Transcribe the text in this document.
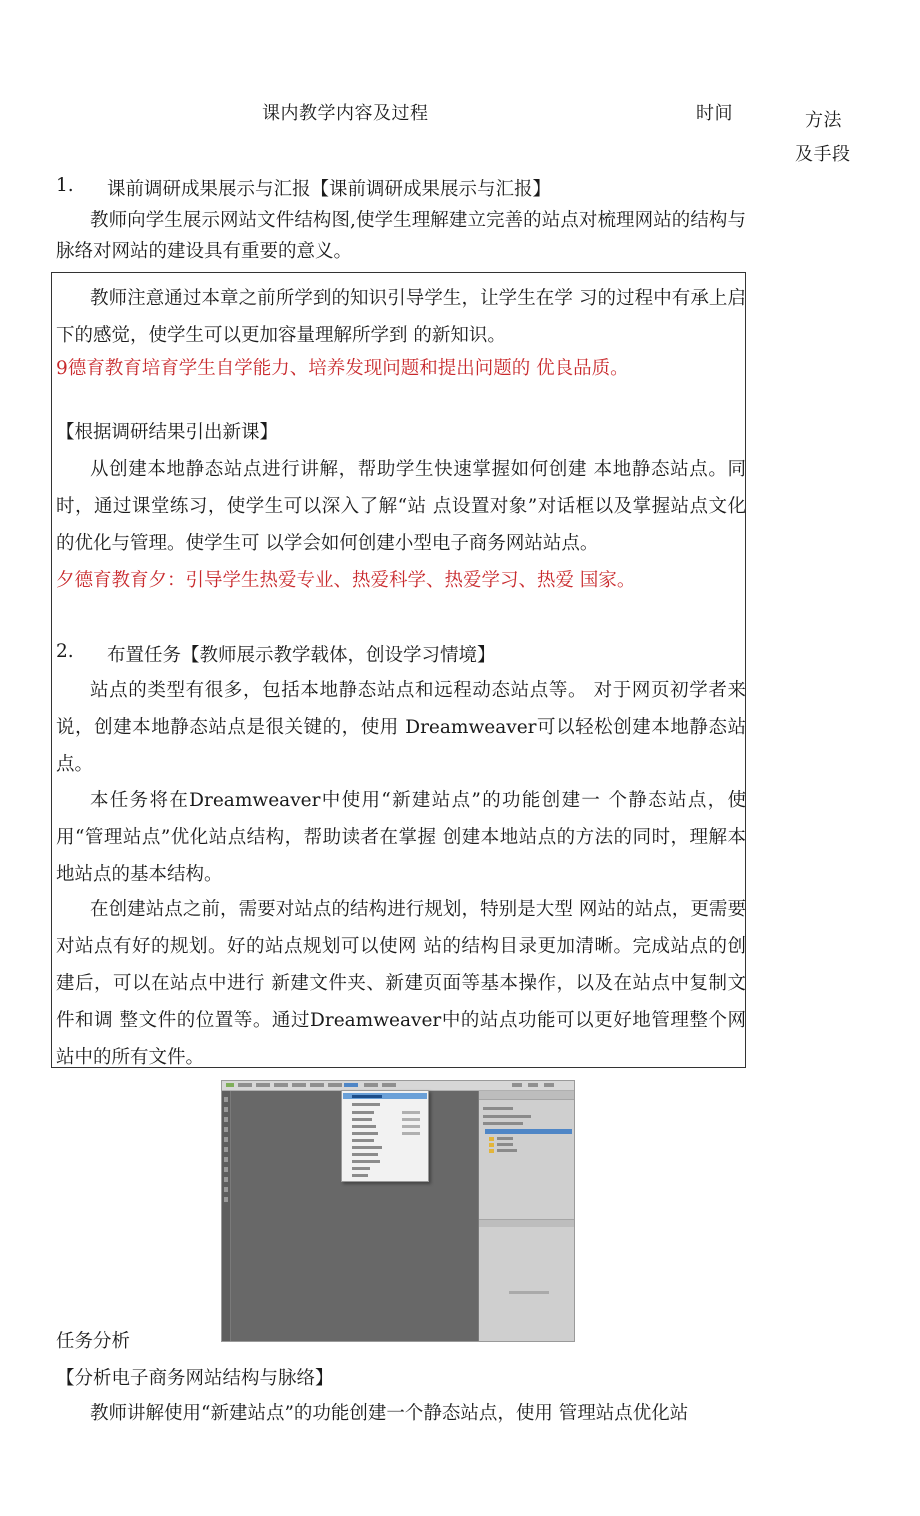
课内教学内容及过程	时间	方法
及手段
1. 课前调研成果展示与汇报【课前调研成果展示与汇报】

教师向学生展示网站文件结构图,使学生理解建立完善的站点对梳理网站的结构与脉络对网站的建设具有重要的意义。

教师注意通过本章之前所学到的知识引导学生，让学生在学 习的过程中有承上启下的感觉，使学生可以更加容量理解所学到 的新知识。

9德育教育培育学生自学能力、培养发现问题和提出问题的 优良品质。

【根据调研结果引出新课】

从创建本地静态站点进行讲解，帮助学生快速掌握如何创建 本地静态站点。同时，通过课堂练习，使学生可以深入了解“站 点设置对象”对话框以及掌握站点文化的优化与管理。使学生可 以学会如何创建小型电子商务网站站点。

夕德育教育夕：引导学生热爱专业、热爱科学、热爱学习、热爱 国家。

2. 布置任务【教师展示教学载体，创设学习情境】

站点的类型有很多，包括本地静态站点和远程动态站点等。 对于网页初学者来说，创建本地静态站点是很关键的，使用 Dreamweaver可以轻松创建本地静态站点。

本任务将在Dreamweaver中使用“新建站点”的功能创建一 个静态站点，使用“管理站点”优化站点结构，帮助读者在掌握 创建本地站点的方法的同时，理解本地站点的基本结构。

在创建站点之前，需要对站点的结构进行规划，特别是大型 网站的站点，更需要对站点有好的规划。好的站点规划可以使网 站的结构目录更加清晰。完成站点的创建后，可以在站点中进行 新建文件夹、新建页面等基本操作，以及在站点中复制文件和调 整文件的位置等。通过Dreamweaver中的站点功能可以更好地管理整个网站中的所有文件。

任务分析

【分析电子商务网站结构与脉络】

教师讲解使用“新建站点”的功能创建一个静态站点，使用 管理站点优化站
